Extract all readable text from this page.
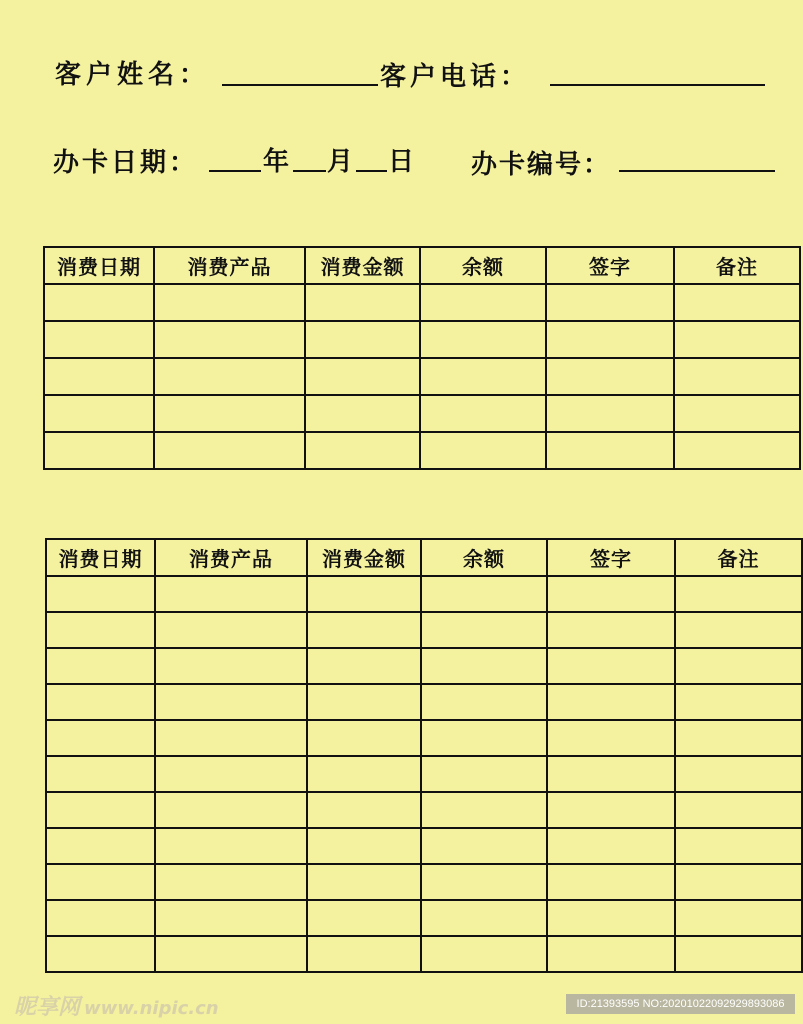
客户姓名：	客户电话：
办卡日期： 年 月 日 办卡编号：
消费日期	消费产品	消费金额	余额	签字	备注

消费日期	消费产品	消费金额	余额	签字	备注

昵享网 www.nipic.cn	ID:21393595 NO:20201022092929893086
